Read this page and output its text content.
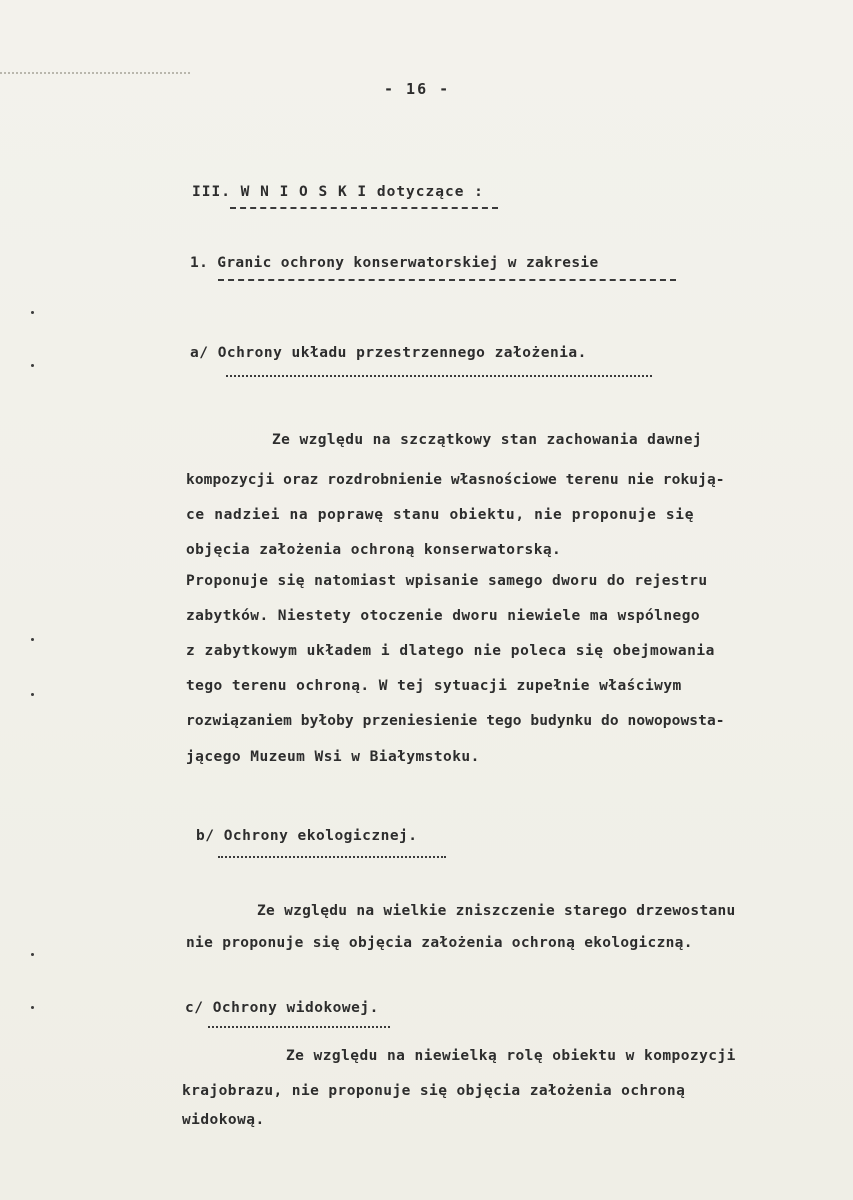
- 16 -
III. W N I O S K I dotyczące :
1. Granic ochrony konserwatorskiej w zakresie
a/ Ochrony układu przestrzennego założenia.
Ze względu na szczątkowy stan zachowania dawnej
kompozycji oraz rozdrobnienie własnościowe terenu nie rokują-
ce nadziei na poprawę stanu obiektu, nie proponuje się
objęcia założenia ochroną konserwatorską.
Proponuje się natomiast wpisanie samego dworu do rejestru
zabytków. Niestety otoczenie dworu niewiele ma wspólnego
z zabytkowym układem i dlatego nie poleca się obejmowania
tego terenu ochroną. W tej sytuacji zupełnie właściwym
rozwiązaniem byłoby przeniesienie tego budynku do nowopowsta-
jącego Muzeum Wsi w Białymstoku.
b/ Ochrony ekologicznej.
Ze względu na wielkie zniszczenie starego drzewostanu
nie proponuje się objęcia założenia ochroną ekologiczną.
c/ Ochrony widokowej.
Ze względu na niewielką rolę obiektu w kompozycji
krajobrazu, nie proponuje się objęcia założenia ochroną
widokową.
